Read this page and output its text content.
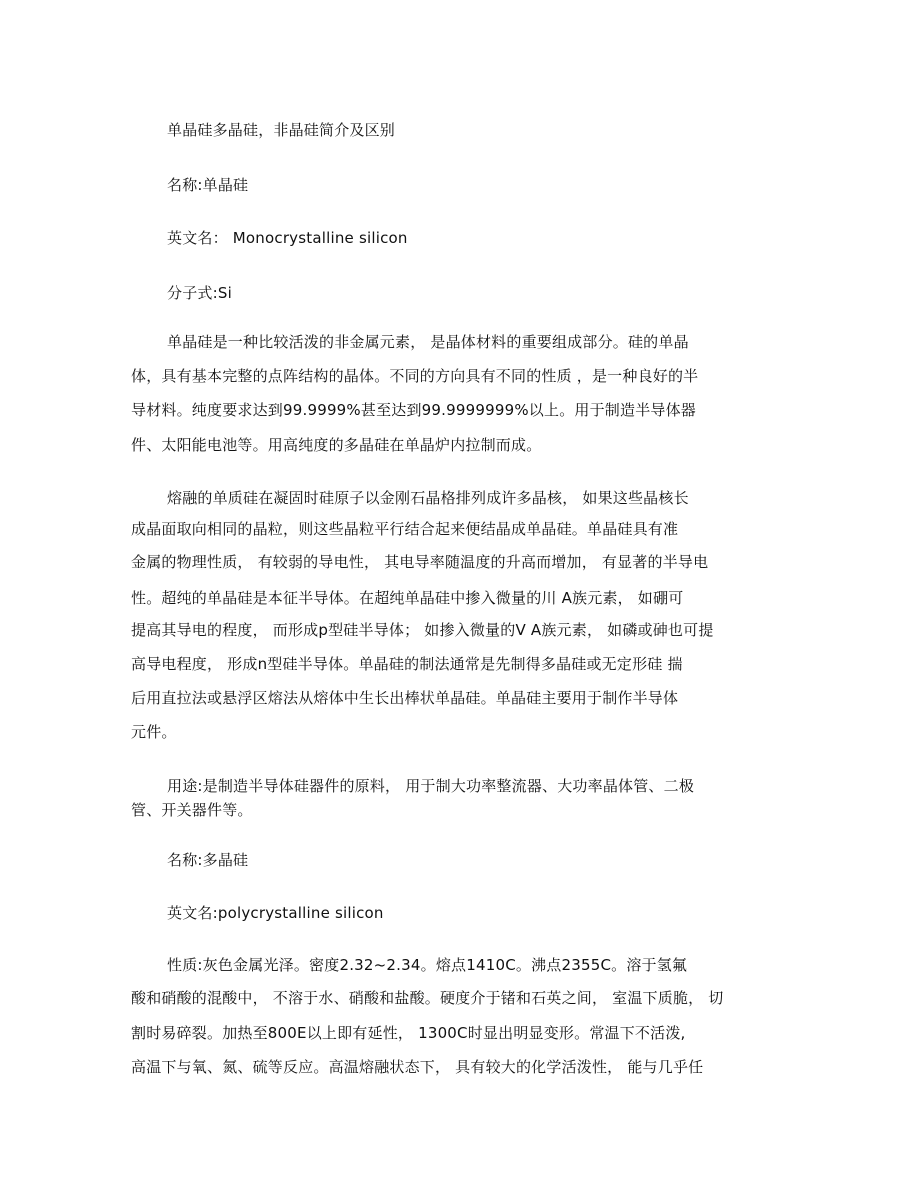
单晶硅多晶硅，非晶硅简介及区别
名称:单晶硅
英文名： Monocrystalline silicon
分子式:Si
单晶硅是一种比较活泼的非金属元素， 是晶体材料的重要组成部分。硅的单晶
体，具有基本完整的点阵结构的晶体。不同的方向具有不同的性质 ，是一种良好的半
导材料。纯度要求达到99.9999%甚至达到99.9999999%以上。用于制造半导体器
件、太阳能电池等。用高纯度的多晶硅在单晶炉内拉制而成。
熔融的单质硅在凝固时硅原子以金刚石晶格排列成许多晶核， 如果这些晶核长
成晶面取向相同的晶粒，则这些晶粒平行结合起来便结晶成单晶硅。单晶硅具有准
金属的物理性质， 有较弱的导电性， 其电导率随温度的升高而增加， 有显著的半导电
性。超纯的单晶硅是本征半导体。在超纯单晶硅中掺入微量的川 A族元素， 如硼可
提高其导电的程度， 而形成p型硅半导体； 如掺入微量的V A族元素， 如磷或砷也可提
高导电程度， 形成n型硅半导体。单晶硅的制法通常是先制得多晶硅或无定形硅 揣
后用直拉法或悬浮区熔法从熔体中生长出棒状单晶硅。单晶硅主要用于制作半导体
元件。
用途:是制造半导体硅器件的原料， 用于制大功率整流器、大功率晶体管、二极
管、开关器件等。
名称:多晶硅
英文名:polycrystalline silicon
性质:灰色金属光泽。密度2.32~2.34。熔点1410C。沸点2355C。溶于氢氟
酸和硝酸的混酸中， 不溶于水、硝酸和盐酸。硬度介于锗和石英之间， 室温下质脆， 切
割时易碎裂。加热至800E以上即有延性， 1300C时显出明显变形。常温下不活泼,
高温下与氧、氮、硫等反应。高温熔融状态下， 具有较大的化学活泼性， 能与几乎任
